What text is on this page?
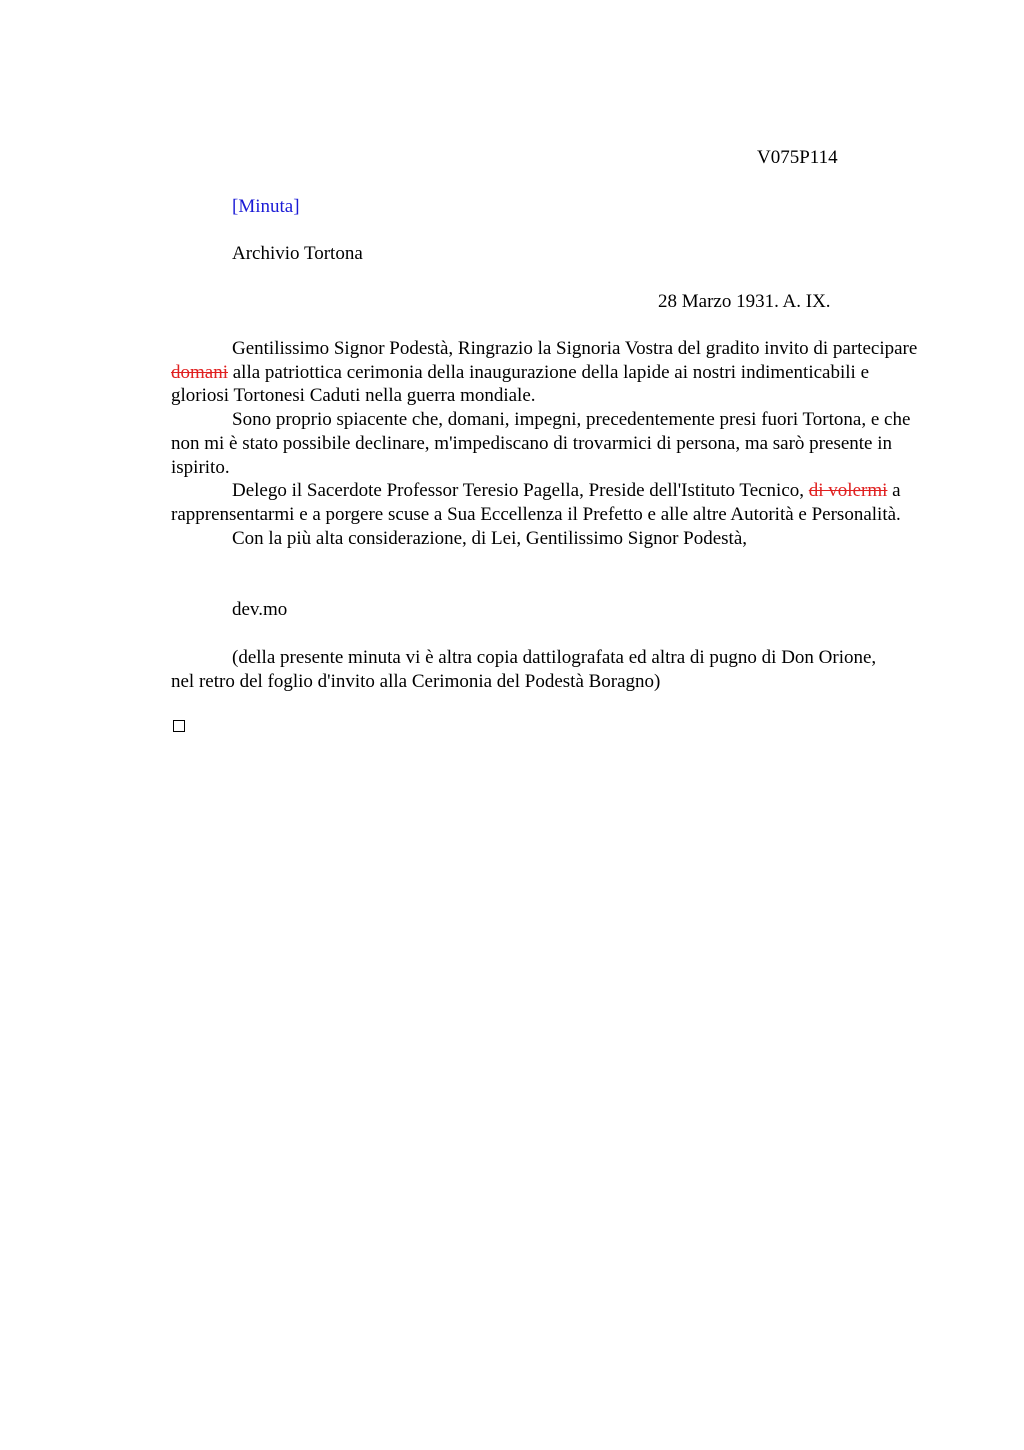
V075P114
[Minuta]
Archivio Tortona
28 Marzo 1931. A. IX.

Gentilissimo Signor Podestà, Ringrazio la Signoria Vostra del gradito invito di partecipare domani alla patriottica cerimonia della inaugurazione della lapide ai nostri indimenticabili e gloriosi Tortonesi Caduti nella guerra mondiale.

Sono proprio spiacente che, domani, impegni, precedentemente presi fuori Tortona, e che non mi è stato possibile declinare, m'impediscano di trovarmici di persona, ma sarò presente in ispirito.

Delego il Sacerdote Professor Teresio Pagella, Preside dell'Istituto Tecnico, di volermi a rapprensentarmi e a porgere scuse a Sua Eccellenza il Prefetto e alle altre Autorità e Personalità.

Con la più alta considerazione, di Lei, Gentilissimo Signor Podestà,

dev.mo

(della presente minuta vi è altra copia dattilografata ed altra di pugno di Don Orione, nel retro del foglio d'invito alla Cerimonia del Podestà Boragno)
